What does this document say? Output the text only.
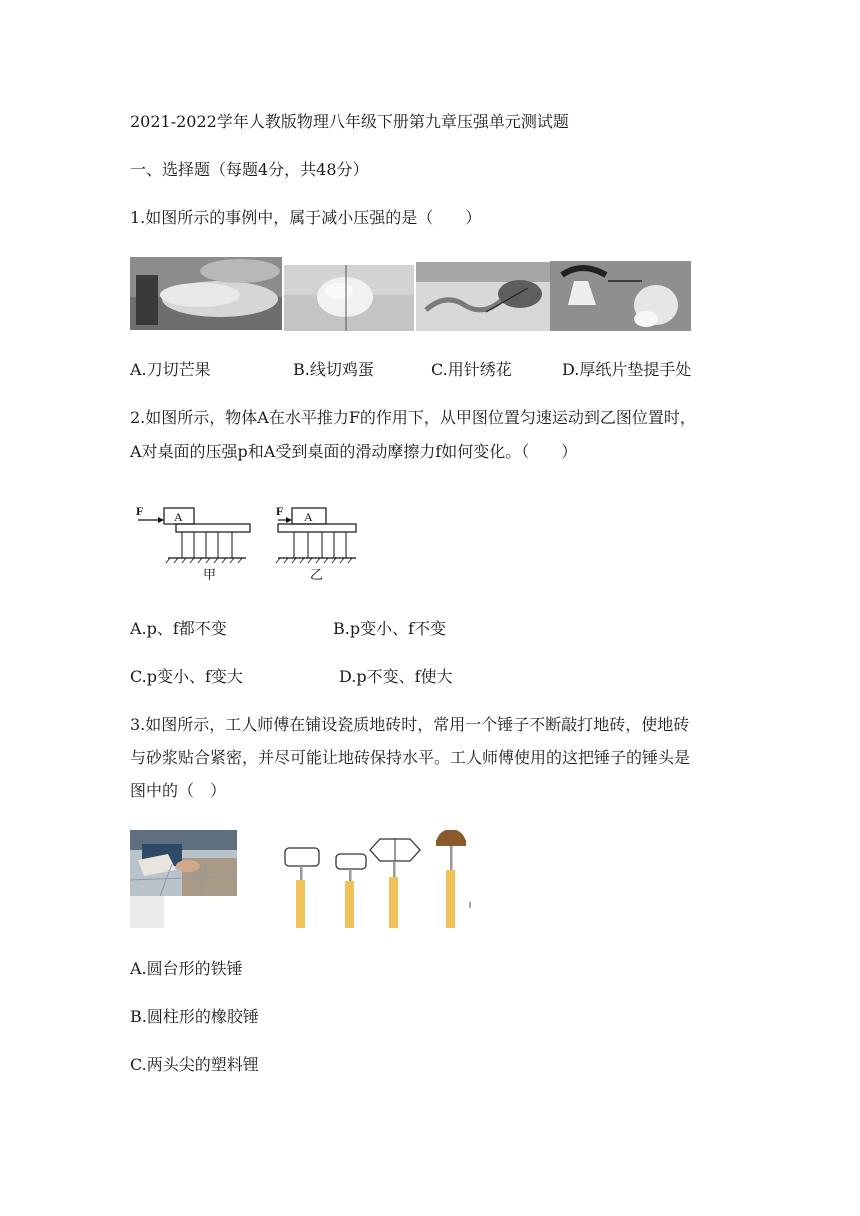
2021-2022学年人教版物理八年级下册第九章压强单元测试题
一、选择题（每题4分，共48分）
1.如图所示的事例中，属于减小压强的是（　　）
A.刀切芒果	B.线切鸡蛋	C.用针绣花	D.厚纸片垫提手处
2.如图所示，物体A在水平推力F的作用下，从甲图位置匀速运动到乙图位置时，
A对桌面的压强p和A受到桌面的滑动摩擦力f如何变化。（　　）
F	A
甲
F A
乙
A.p、f都不变	B.p变小、f不变
C.p变小、f变大	D.p不变、f使大
3.如图所示，工人师傅在铺设瓷质地砖时，常用一个锤子不断敲打地砖，使地砖
与砂浆贴合紧密，并尽可能让地砖保持水平。工人师傅使用的这把锤子的锤头是
图中的（　）
A.圆台形的铁锤
B.圆柱形的橡胶锤
C.两头尖的塑料锂
